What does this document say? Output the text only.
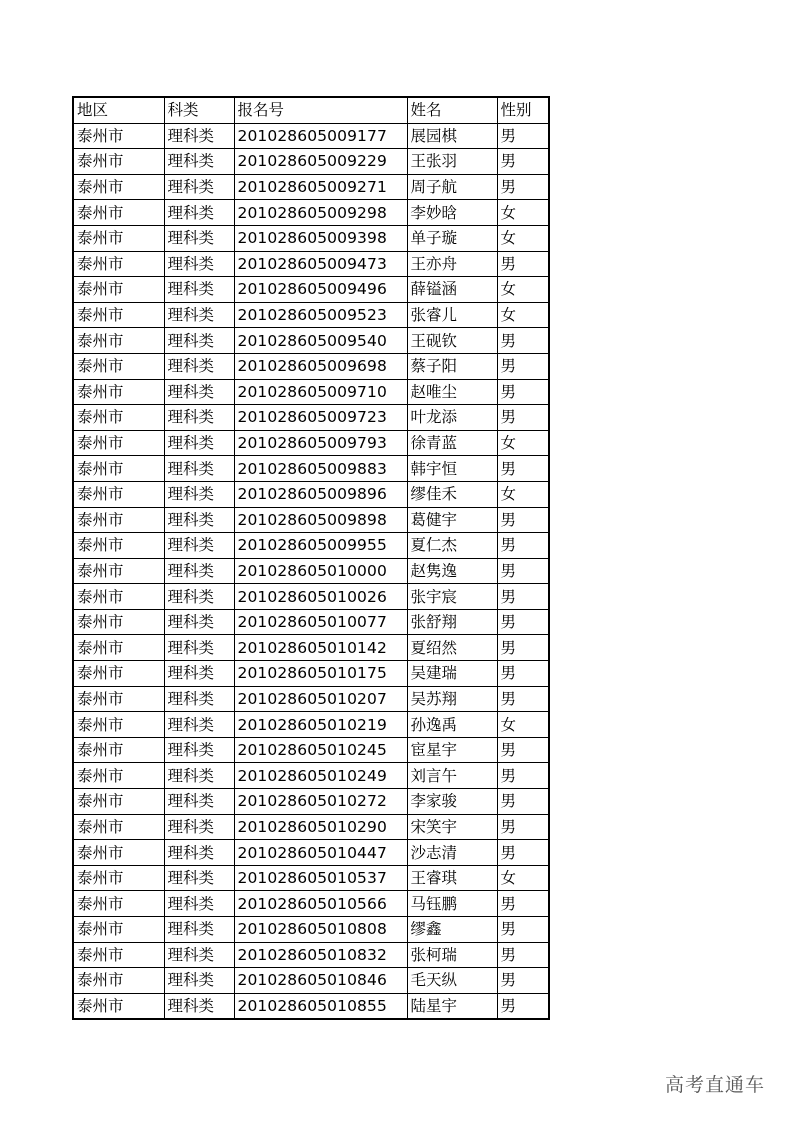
地区	科类	报名号	姓名	性别
泰州市	理科类	201028605009177	展园棋	男
泰州市	理科类	201028605009229	王张羽	男
泰州市	理科类	201028605009271	周子航	男
泰州市	理科类	201028605009298	李妙晗	女
泰州市	理科类	201028605009398	单子璇	女
泰州市	理科类	201028605009473	王亦舟	男
泰州市	理科类	201028605009496	薛镒涵	女
泰州市	理科类	201028605009523	张睿儿	女
泰州市	理科类	201028605009540	王砚钦	男
泰州市	理科类	201028605009698	蔡子阳	男
泰州市	理科类	201028605009710	赵唯尘	男
泰州市	理科类	201028605009723	叶龙添	男
泰州市	理科类	201028605009793	徐青蓝	女
泰州市	理科类	201028605009883	韩宇恒	男
泰州市	理科类	201028605009896	缪佳禾	女
泰州市	理科类	201028605009898	葛健宇	男
泰州市	理科类	201028605009955	夏仁杰	男
泰州市	理科类	201028605010000	赵隽逸	男
泰州市	理科类	201028605010026	张宇宸	男
泰州市	理科类	201028605010077	张舒翔	男
泰州市	理科类	201028605010142	夏绍然	男
泰州市	理科类	201028605010175	吴建瑞	男
泰州市	理科类	201028605010207	吴苏翔	男
泰州市	理科类	201028605010219	孙逸禹	女
泰州市	理科类	201028605010245	宦星宇	男
泰州市	理科类	201028605010249	刘言午	男
泰州市	理科类	201028605010272	李家骏	男
泰州市	理科类	201028605010290	宋笑宇	男
泰州市	理科类	201028605010447	沙志清	男
泰州市	理科类	201028605010537	王睿琪	女
泰州市	理科类	201028605010566	马钰鹏	男
泰州市	理科类	201028605010808	缪鑫	男
泰州市	理科类	201028605010832	张柯瑞	男
泰州市	理科类	201028605010846	毛天纵	男
泰州市	理科类	201028605010855	陆星宇	男
高考直通车
